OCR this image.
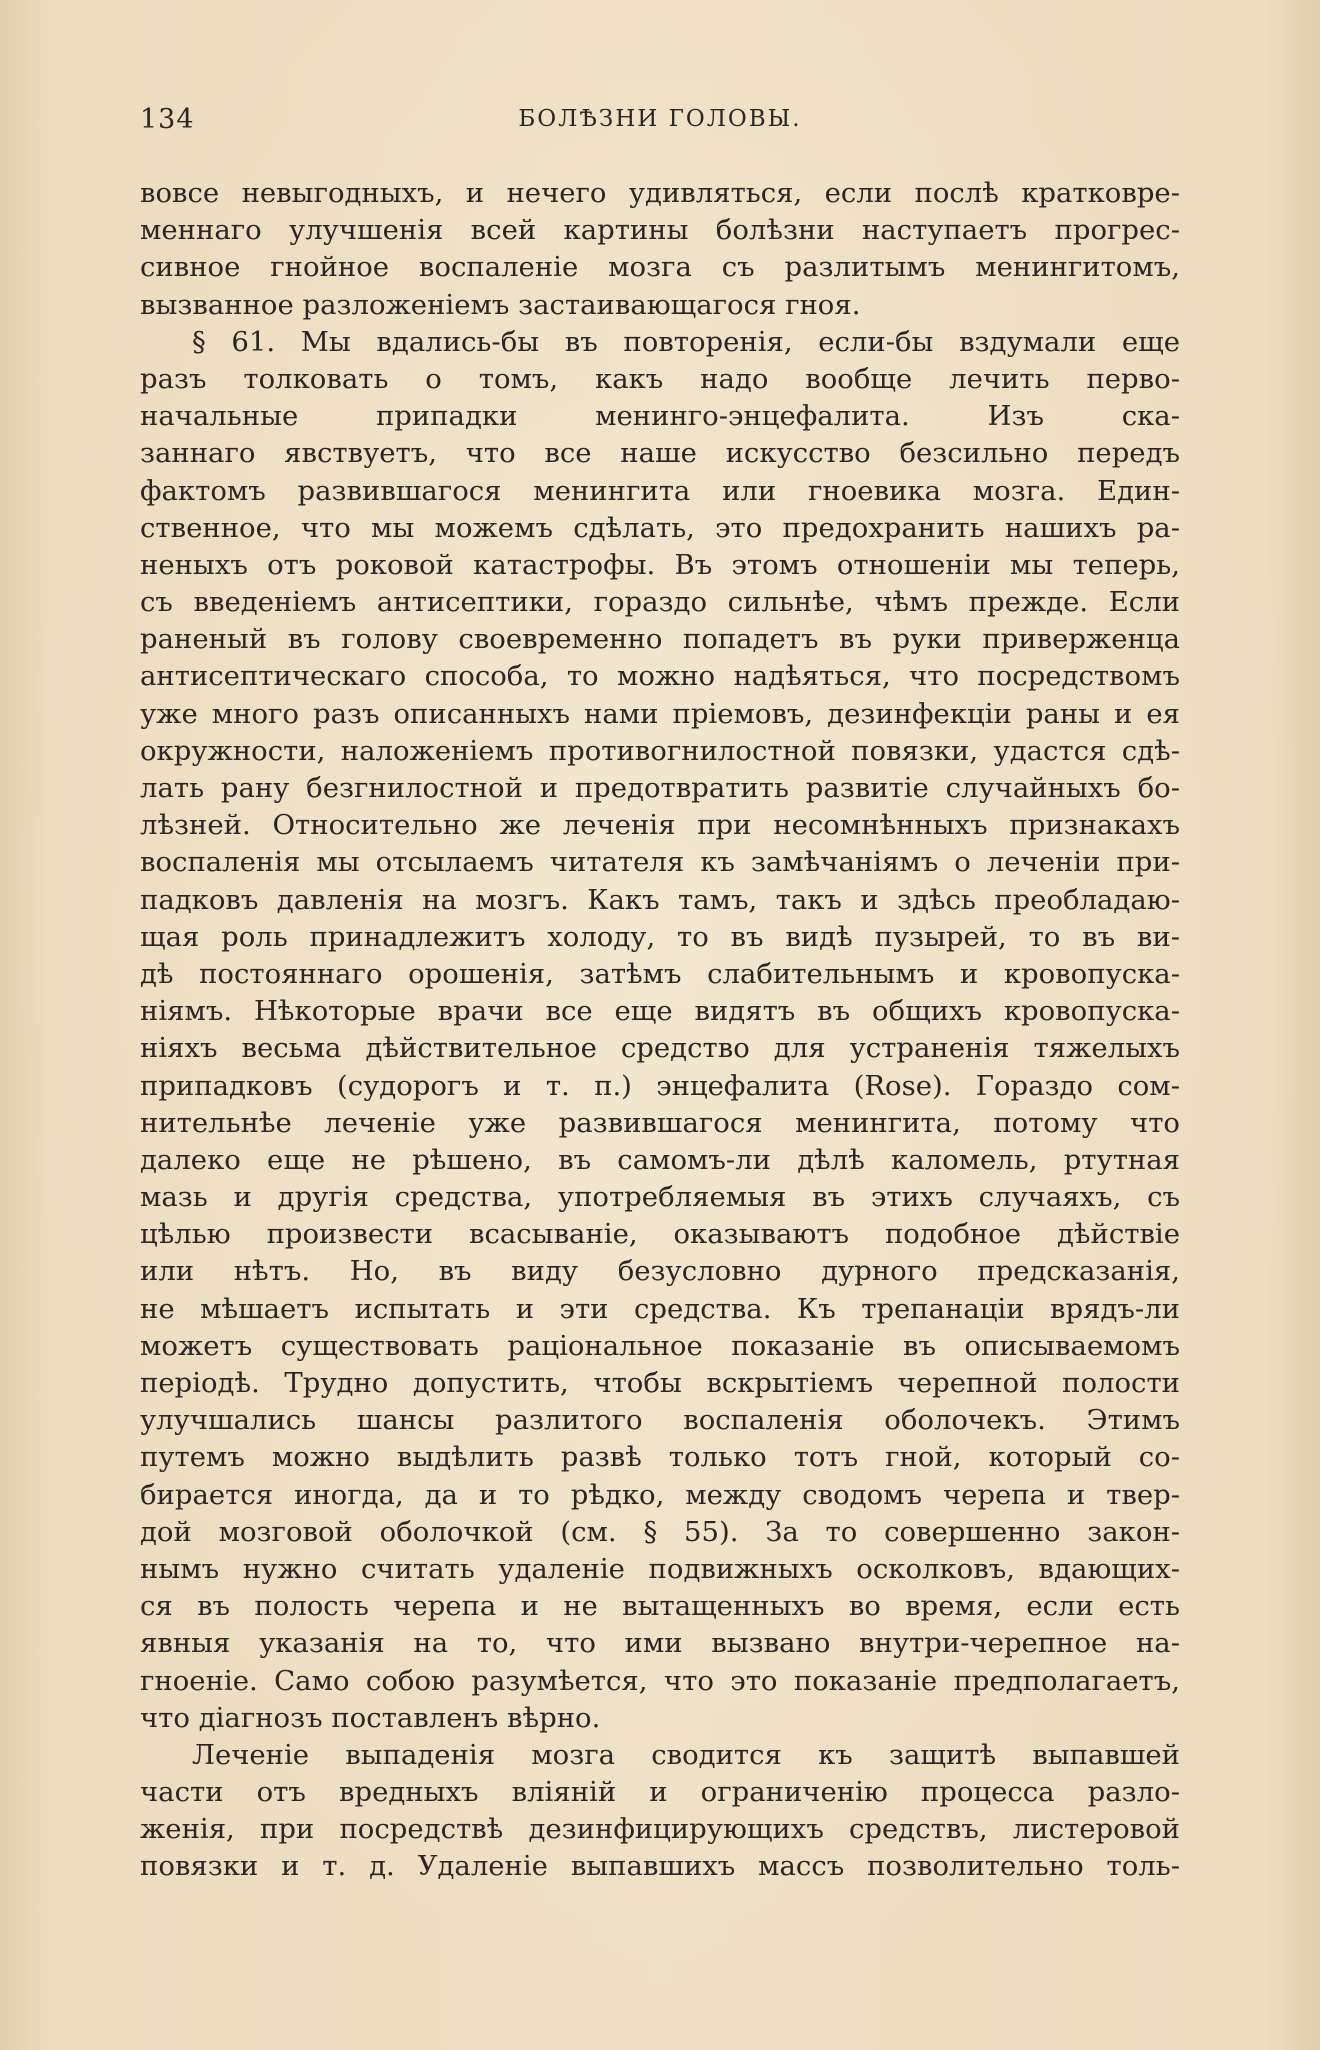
134	БОЛѢЗНИ ГОЛОВЫ.
вовсе невыгодныхъ, и нечего удивляться, если послѣ кратковре-
меннаго улучшенія всей картины болѣзни наступаетъ прогрес-
сивное гнойное воспаленіе мозга съ разлитымъ менингитомъ,
вызванное разложеніемъ застаивающагося гноя.
§ 61. Мы вдались-бы въ повторенія, если-бы вздумали еще
разъ толковать о томъ, какъ надо вообще лечить перво-
начальные припадки менинго-энцефалита. Изъ ска-
заннаго явствуетъ, что все наше искусство безсильно передъ
фактомъ развившагося менингита или гноевика мозга. Един-
ственное, что мы можемъ сдѣлать, это предохранить нашихъ ра-
неныхъ отъ роковой катастрофы. Въ этомъ отношеніи мы теперь,
съ введеніемъ антисептики, гораздо сильнѣе, чѣмъ прежде. Если
раненый въ голову своевременно попадетъ въ руки приверженца
антисептическаго способа, то можно надѣяться, что посредствомъ
уже много разъ описанныхъ нами пріемовъ, дезинфекціи раны и ея
окружности, наложеніемъ противогнилостной повязки, удастся сдѣ-
лать рану безгнилостной и предотвратить развитіе случайныхъ бо-
лѣзней. Относительно же леченія при несомнѣнныхъ признакахъ
воспаленія мы отсылаемъ читателя къ замѣчаніямъ о леченіи при-
падковъ давленія на мозгъ. Какъ тамъ, такъ и здѣсь преобладаю-
щая роль принадлежитъ холоду, то въ видѣ пузырей, то въ ви-
дѣ постояннаго орошенія, затѣмъ слабительнымъ и кровопуска-
ніямъ. Нѣкоторые врачи все еще видятъ въ общихъ кровопуска-
ніяхъ весьма дѣйствительное средство для устраненія тяжелыхъ
припадковъ (судорогъ и т. п.) энцефалита (Rose). Гораздо сом-
нительнѣе леченіе уже развившагося менингита, потому что
далеко еще не рѣшено, въ самомъ-ли дѣлѣ каломель, ртутная
мазь и другія средства, употребляемыя въ этихъ случаяхъ, съ
цѣлью произвести всасываніе, оказываютъ подобное дѣйствіе
или нѣтъ. Но, въ виду безусловно дурного предсказанія,
не мѣшаетъ испытать и эти средства. Къ трепанаціи врядъ-ли
можетъ существовать раціональное показаніе въ описываемомъ
періодѣ. Трудно допустить, чтобы вскрытіемъ черепной полости
улучшались шансы разлитого воспаленія оболочекъ. Этимъ
путемъ можно выдѣлить развѣ только тотъ гной, который со-
бирается иногда, да и то рѣдко, между сводомъ черепа и твер-
дой мозговой оболочкой (см. § 55). За то совершенно закон-
нымъ нужно считать удаленіе подвижныхъ осколковъ, вдающих-
ся въ полость черепа и не вытащенныхъ во время, если есть
явныя указанія на то, что ими вызвано внутри-черепное на-
гноеніе. Само собою разумѣется, что это показаніе предполагаетъ,
что діагнозъ поставленъ вѣрно.
Леченіе выпаденія мозга сводится къ защитѣ выпавшей
части отъ вредныхъ вліяній и ограниченію процесса разло-
женія, при посредствѣ дезинфицирующихъ средствъ, листеровой
повязки и т. д. Удаленіе выпавшихъ массъ позволительно толь-
